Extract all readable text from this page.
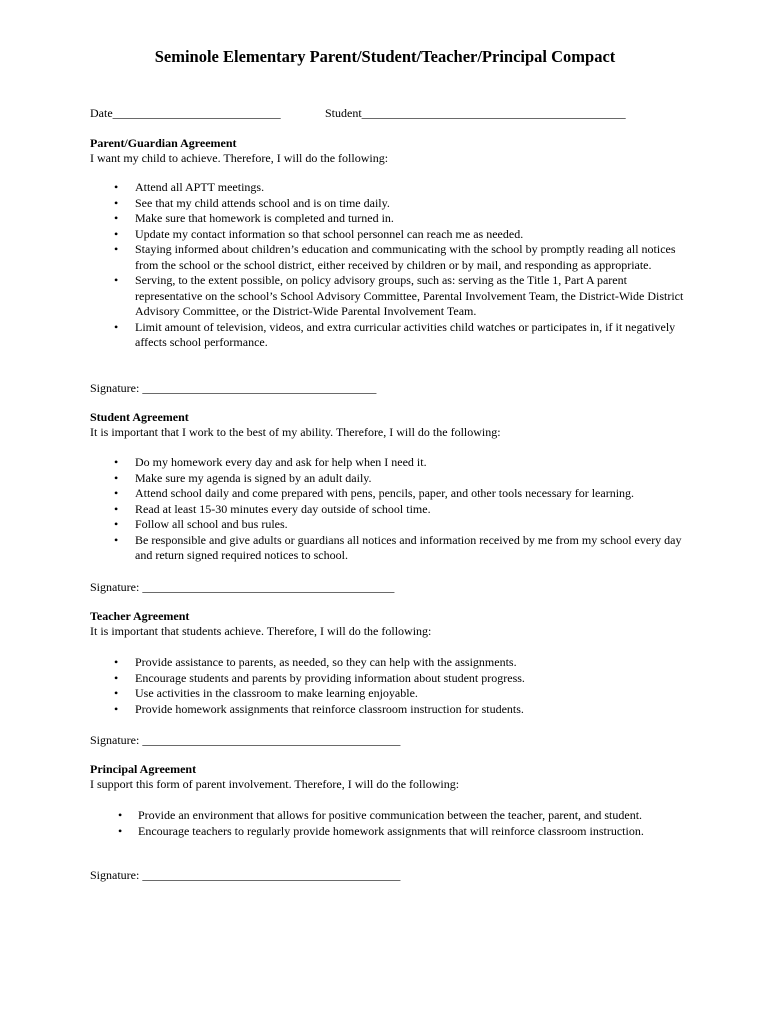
Seminole Elementary Parent/Student/Teacher/Principal Compact
Date____________________________	Student____________________________________________

Parent/Guardian Agreement

I want my child to achieve. Therefore, I will do the following:

• Attend all APTT meetings.
• See that my child attends school and is on time daily.
• Make sure that homework is completed and turned in.
• Update my contact information so that school personnel can reach me as needed.
• Staying informed about children’s education and communicating with the school by promptly reading all notices from the school or the school district, either received by children or by mail, and responding as appropriate.
• Serving, to the extent possible, on policy advisory groups, such as: serving as the Title 1, Part A parent representative on the school’s School Advisory Committee, Parental Involvement Team, the District-Wide District Advisory Committee, or the District-Wide Parental Involvement Team.
• Limit amount of television, videos, and extra curricular activities child watches or participates in, if it negatively affects school performance.
Signature: _______________________________________

Student Agreement

It is important that I work to the best of my ability. Therefore, I will do the following:

• Do my homework every day and ask for help when I need it.
• Make sure my agenda is signed by an adult daily.
• Attend school daily and come prepared with pens, pencils, paper, and other tools necessary for learning.
• Read at least 15-30 minutes every day outside of school time.
• Follow all school and bus rules.
• Be responsible and give adults or guardians all notices and information received by me from my school every day and return signed required notices to school.
Signature: __________________________________________

Teacher Agreement

It is important that students achieve. Therefore, I will do the following:

• Provide assistance to parents, as needed, so they can help with the assignments.
• Encourage students and parents by providing information about student progress.
• Use activities in the classroom to make learning enjoyable.
• Provide homework assignments that reinforce classroom instruction for students.
Signature: ___________________________________________

Principal Agreement

I support this form of parent involvement. Therefore, I will do the following:

• Provide an environment that allows for positive communication between the teacher, parent, and student.
• Encourage teachers to regularly provide homework assignments that will reinforce classroom instruction.
Signature: ___________________________________________
